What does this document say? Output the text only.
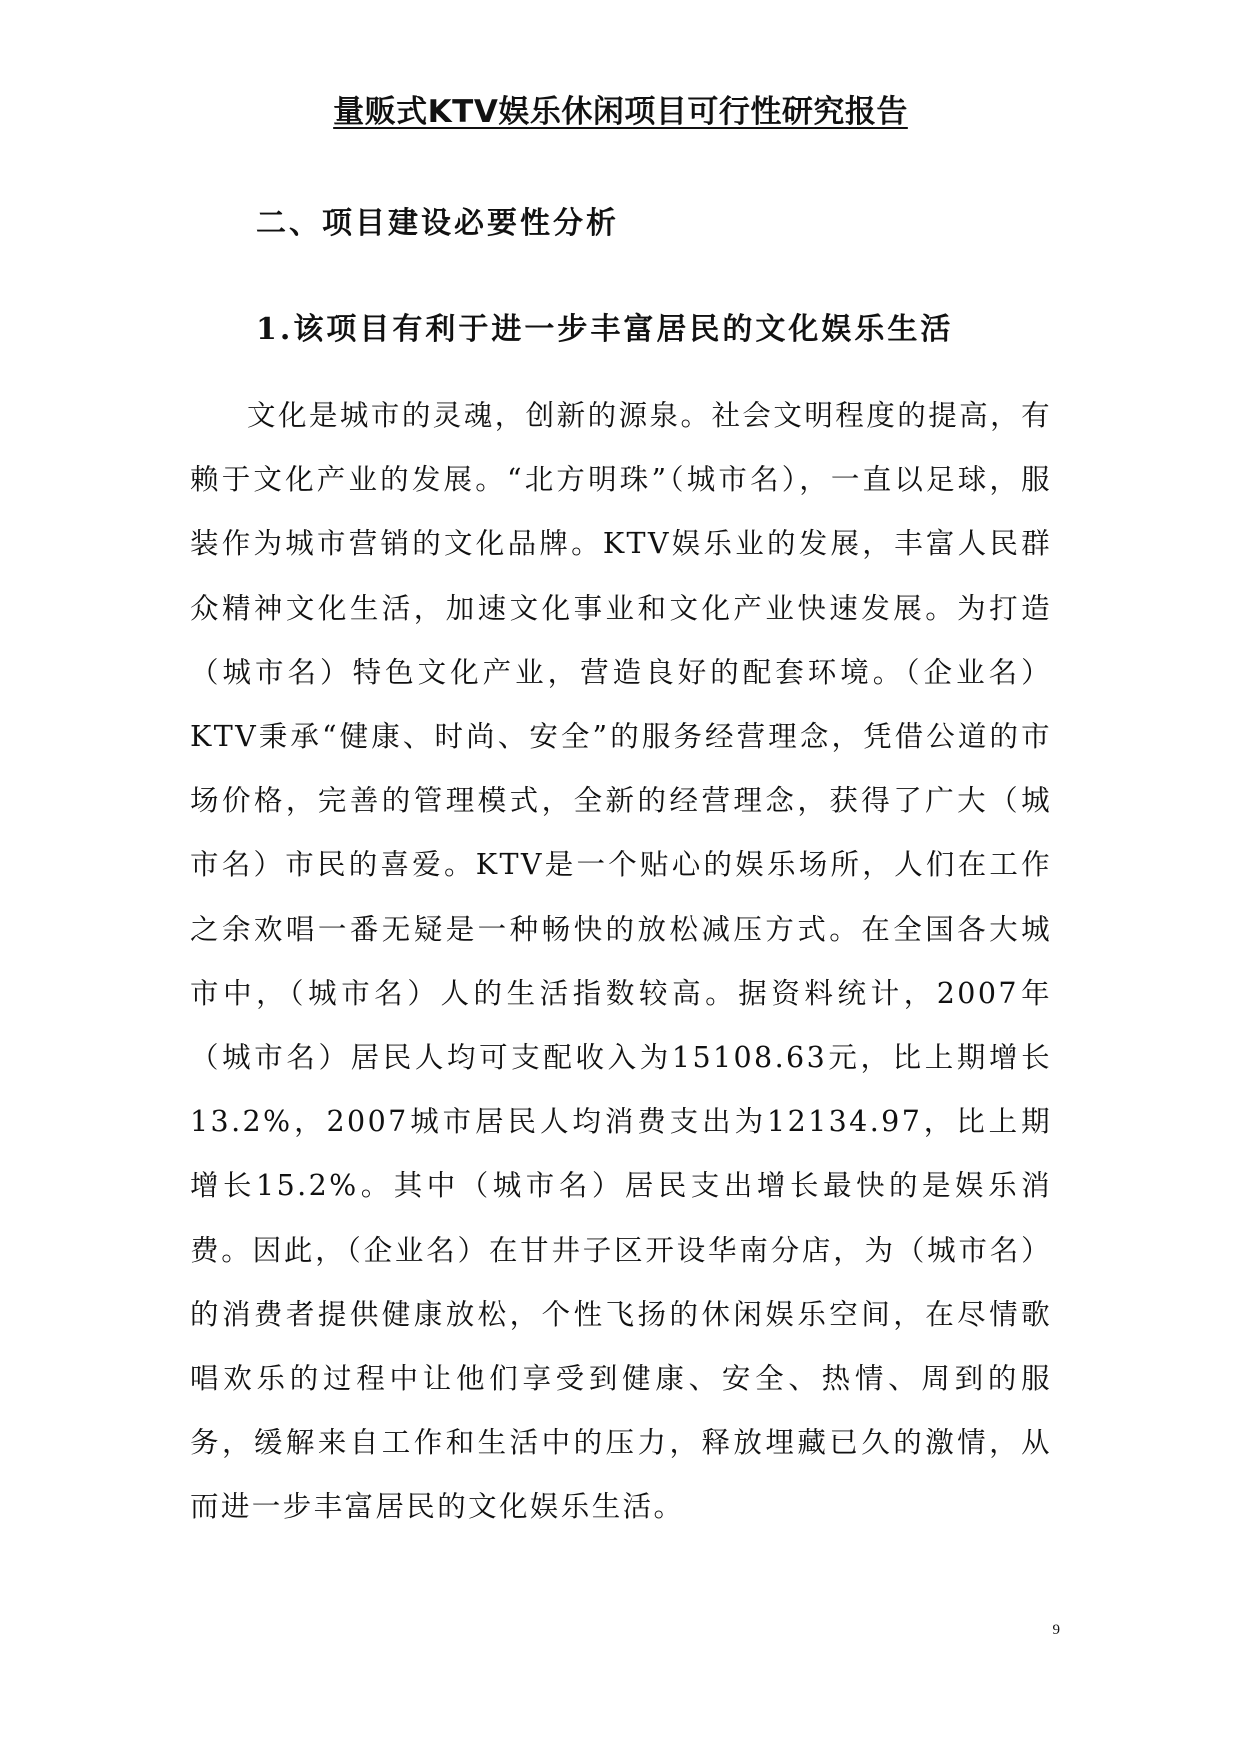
量贩式KTV娱乐休闲项目可行性研究报告
二、项目建设必要性分析
1.该项目有利于进一步丰富居民的文化娱乐生活

文化是城市的灵魂，创新的源泉。社会文明程度的提高，有赖于文化产业的发展。“北方明珠”（城市名），一直以足球，服装作为城市营销的文化品牌。KTV娱乐业的发展，丰富人民群众精神文化生活，加速文化事业和文化产业快速发展。为打造（城市名）特色文化产业，营造良好的配套环境。（企业名）KTV秉承“健康、时尚、安全”的服务经营理念，凭借公道的市场价格，完善的管理模式，全新的经营理念，获得了广大（城市名）市民的喜爱。KTV是一个贴心的娱乐场所，人们在工作之余欢唱一番无疑是一种畅快的放松减压方式。在全国各大城市中，（城市名）人的生活指数较高。据资料统计，2007年（城市名）居民人均可支配收入为15108.63元，比上期增长13.2%，2007城市居民人均消费支出为12134.97，比上期增长15.2%。其中（城市名）居民支出增长最快的是娱乐消费。因此，（企业名）在甘井子区开设华南分店，为（城市名）的消费者提供健康放松，个性飞扬的休闲娱乐空间，在尽情歌唱欢乐的过程中让他们享受到健康、安全、热情、周到的服务，缓解来自工作和生活中的压力，释放埋藏已久的激情，从而进一步丰富居民的文化娱乐生活。

9
